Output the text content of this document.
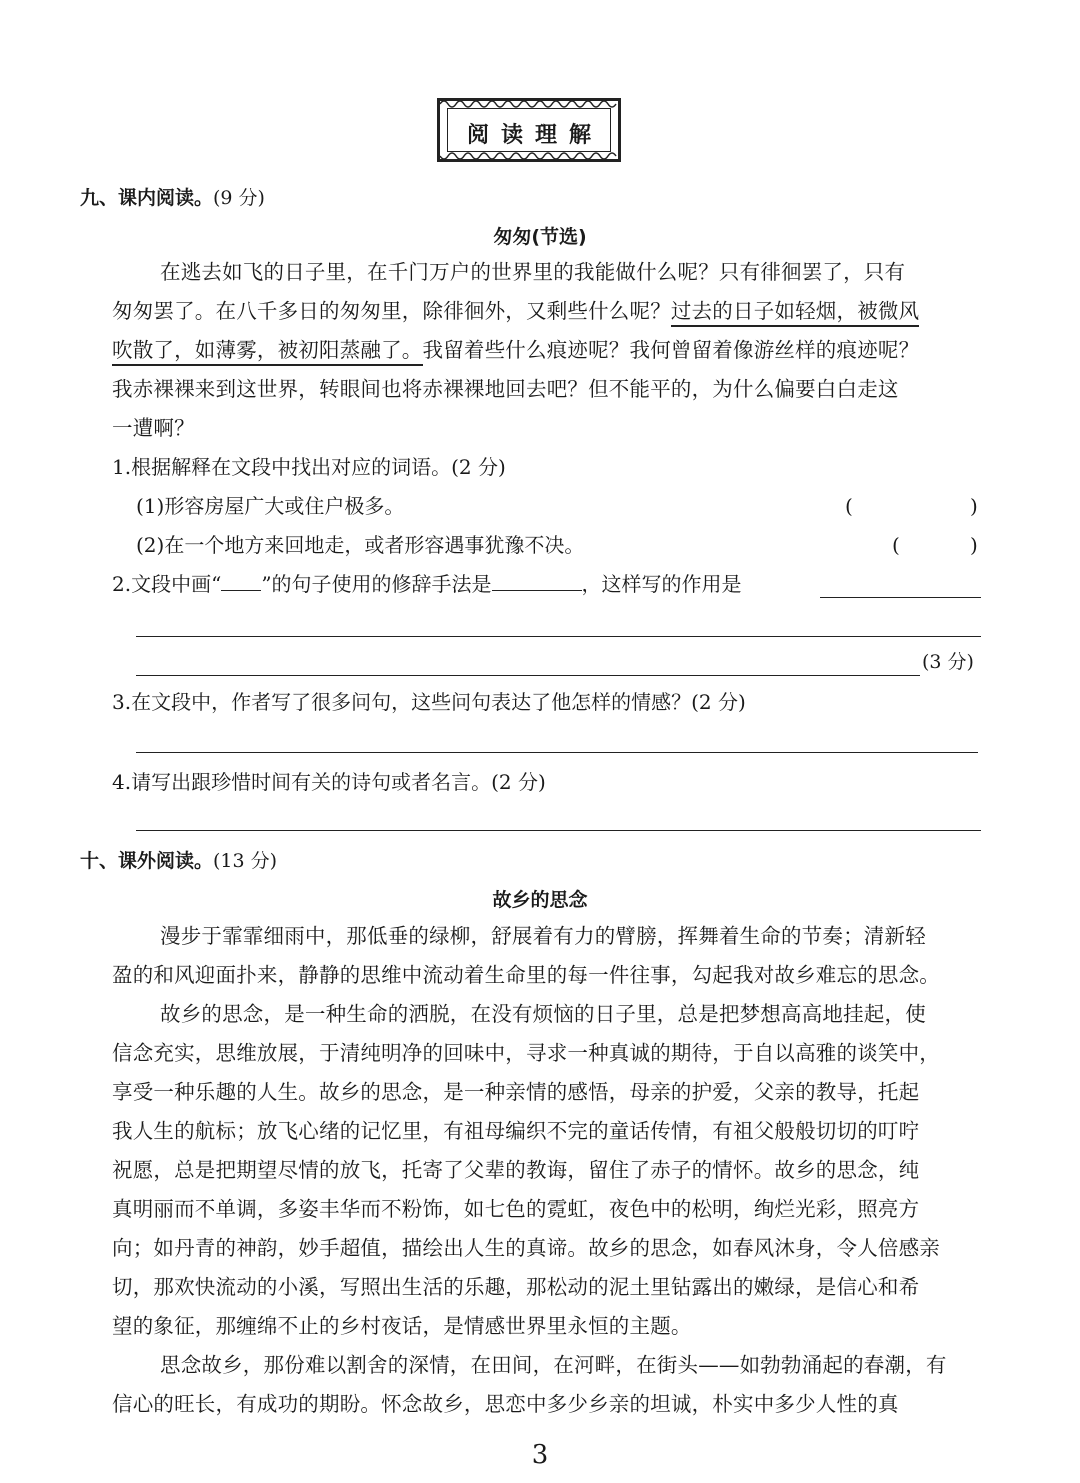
阅读理解
九、课内阅读。(9 分)
匆匆(节选)
在逃去如飞的日子里，在千门万户的世界里的我能做什么呢？只有徘徊罢了，只有
匆匆罢了。在八千多日的匆匆里，除徘徊外，又剩些什么呢？过去的日子如轻烟，被微风
吹散了，如薄雾，被初阳蒸融了。我留着些什么痕迹呢？我何曾留着像游丝样的痕迹呢？
我赤裸裸来到这世界，转眼间也将赤裸裸地回去吧？但不能平的，为什么偏要白白走这
一遭啊？
1.根据解释在文段中找出对应的词语。(2 分)
(1)形容房屋广大或住户极多。	(	)
(2)在一个地方来回地走，或者形容遇事犹豫不决。	(	)
2.文段中画“ ”的句子使用的修辞手法是	，这样写的作用是
(3 分)
3.在文段中，作者写了很多问句，这些问句表达了他怎样的情感？(2 分)
4.请写出跟珍惜时间有关的诗句或者名言。(2 分)
十、课外阅读。(13 分)
故乡的思念
漫步于霏霏细雨中，那低垂的绿柳，舒展着有力的臂膀，挥舞着生命的节奏；清新轻
盈的和风迎面扑来，静静的思维中流动着生命里的每一件往事，勾起我对故乡难忘的思念。
故乡的思念，是一种生命的洒脱，在没有烦恼的日子里，总是把梦想高高地挂起，使
信念充实，思维放展，于清纯明净的回味中，寻求一种真诚的期待，于自以高雅的谈笑中，
享受一种乐趣的人生。故乡的思念，是一种亲情的感悟，母亲的护爱，父亲的教导，托起
我人生的航标；放飞心绪的记忆里，有祖母编织不完的童话传情，有祖父般般切切的叮咛
祝愿，总是把期望尽情的放飞，托寄了父辈的教诲，留住了赤子的情怀。故乡的思念，纯
真明丽而不单调，多姿丰华而不粉饰，如七色的霓虹，夜色中的松明，绚烂光彩，照亮方
向；如丹青的神韵，妙手超值，描绘出人生的真谛。故乡的思念，如春风沐身，令人倍感亲
切，那欢快流动的小溪，写照出生活的乐趣，那松动的泥土里钻露出的嫩绿，是信心和希
望的象征，那缠绵不止的乡村夜话，是情感世界里永恒的主题。
思念故乡，那份难以割舍的深情，在田间，在河畔，在街头——如勃勃涌起的春潮，有
信心的旺长，有成功的期盼。怀念故乡，思恋中多少乡亲的坦诚，朴实中多少人性的真
3
